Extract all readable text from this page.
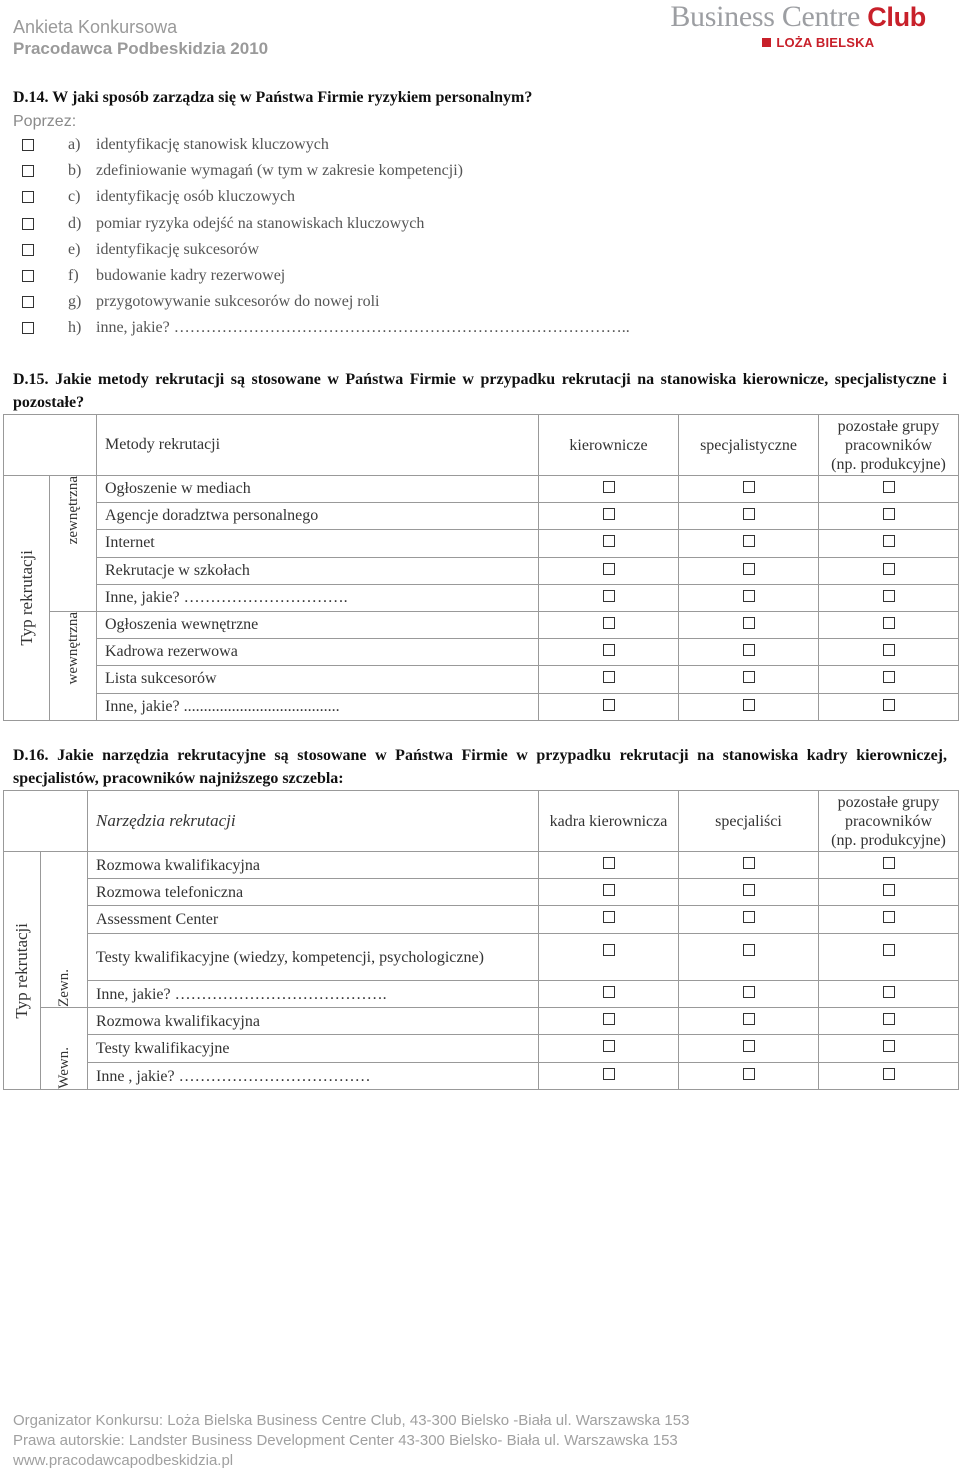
Ankieta Konkursowa
Pracodawca Podbeskidzia 2010
Business Centre Club
LOŻA BIELSKA
D.14. W jaki sposób zarządza się w Państwa Firmie ryzykiem personalnym?
Poprzez:
a) identyfikację stanowisk kluczowych
b) zdefiniowanie wymagań (w tym w zakresie kompetencji)
c) identyfikację osób kluczowych
d) pomiar ryzyka odejść na stanowiskach kluczowych
e) identyfikację sukcesorów
f)	budowanie kadry rezerwowej
g) przygotowywanie sukcesorów do nowej roli
h) inne, jakie? …………………………………………………………………………..
D.15. Jakie metody rekrutacji są stosowane w Państwa Firmie w przypadku rekrutacji na stanowiska kierownicze, specjalistyczne i pozostałe?
		Metody rekrutacji	kierownicze	specjalistyczne	pozostałe grupy
pracowników
(np. produkcyjne)

Typ rekrutacji	zewnętrzna	Ogłoszenie w mediach			
		Agencje doradztwa personalnego			
		Internet			
		Rekrutacje w szkołach			
		Inne, jakie? ………………………….			

	wewnętrzna	Ogłoszenia wewnętrzne			
		Kadrowa rezerwowa			
		Lista sukcesorów			
		Inne, jakie? .......................................			
D.16. Jakie narzędzia rekrutacyjne są stosowane w Państwa Firmie w przypadku rekrutacji na stanowiska kadry kierowniczej, specjalistów, pracowników najniższego szczebla:
		Narzędzia rekrutacji	kadra kierownicza	specjaliści	pozostałe grupy
pracowników
(np. produkcyjne)

Typ rekrutacji	Zewn.	Rozmowa kwalifikacyjna			
		Rozmowa telefoniczna			
		Assessment Center			
		Testy kwalifikacyjne (wiedzy, kompetencji, psychologiczne)			
		Inne, jakie? ………………………………….			

	Wewn.	Rozmowa kwalifikacyjna			
		Testy kwalifikacyjne			
		Inne , jakie? ………………………………			
Organizator Konkursu: Loża Bielska Business Centre Club, 43-300 Bielsko -Biała ul. Warszawska 153
Prawa autorskie: Landster Business Development Center 43-300 Bielsko- Biała ul. Warszawska 153
www.pracodawcapodbeskidzia.pl
